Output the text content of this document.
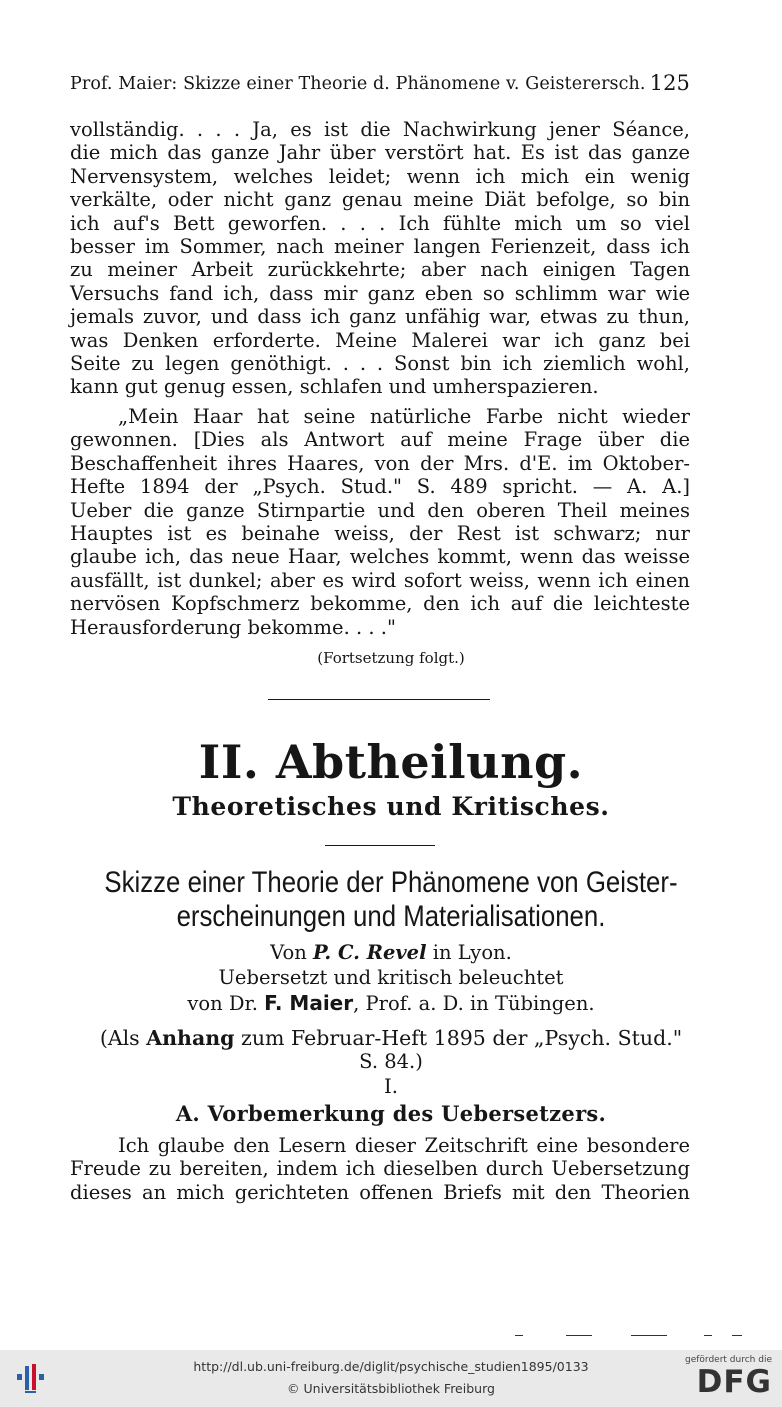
Prof. Maier: Skizze einer Theorie d. Phänomene v. Geisterersch. 125
vollständig. . . . Ja, es ist die Nachwirkung jener Séance,
die mich das ganze Jahr über verstört hat. Es ist das ganze
Nervensystem, welches leidet; wenn ich mich ein wenig
verkälte, oder nicht ganz genau meine Diät befolge, so bin
ich auf's Bett geworfen. . . . Ich fühlte mich um so viel
besser im Sommer, nach meiner langen Ferienzeit, dass ich
zu meiner Arbeit zurückkehrte; aber nach einigen Tagen
Versuchs fand ich, dass mir ganz eben so schlimm war wie
jemals zuvor, und dass ich ganz unfähig war, etwas zu thun,
was Denken erforderte. Meine Malerei war ich ganz bei
Seite zu legen genöthigt. . . . Sonst bin ich ziemlich wohl,
kann gut genug essen, schlafen und umherspazieren.
„Mein Haar hat seine natürliche Farbe nicht wieder
gewonnen. [Dies als Antwort auf meine Frage über die
Beschaffenheit ihres Haares, von der Mrs. d'E. im Oktober-
Hefte 1894 der „Psych. Stud." S. 489 spricht. — A. A.]
Ueber die ganze Stirnpartie und den oberen Theil meines
Hauptes ist es beinahe weiss, der Rest ist schwarz; nur
glaube ich, das neue Haar, welches kommt, wenn das weisse
ausfällt, ist dunkel; aber es wird sofort weiss, wenn ich einen
nervösen Kopfschmerz bekomme, den ich auf die leichteste
Herausforderung bekomme. . . ."
(Fortsetzung folgt.)
II. Abtheilung.
Theoretisches und Kritisches.
Skizze einer Theorie der Phänomene von Geister-
erscheinungen und Materialisationen.
Von P. C. Revel in Lyon.
Uebersetzt und kritisch beleuchtet
von Dr. F. Maier, Prof. a. D. in Tübingen.
(Als Anhang zum Februar-Heft 1895 der „Psych. Stud."
S. 84.)
I.
A. Vorbemerkung des Uebersetzers.
Ich glaube den Lesern dieser Zeitschrift eine besondere
Freude zu bereiten, indem ich dieselben durch Uebersetzung
dieses an mich gerichteten offenen Briefs mit den Theorien
http://dl.ub.uni-freiburg.de/diglit/psychische_studien1895/0133
© Universitätsbibliothek Freiburg
gefördert durch die
DFG
